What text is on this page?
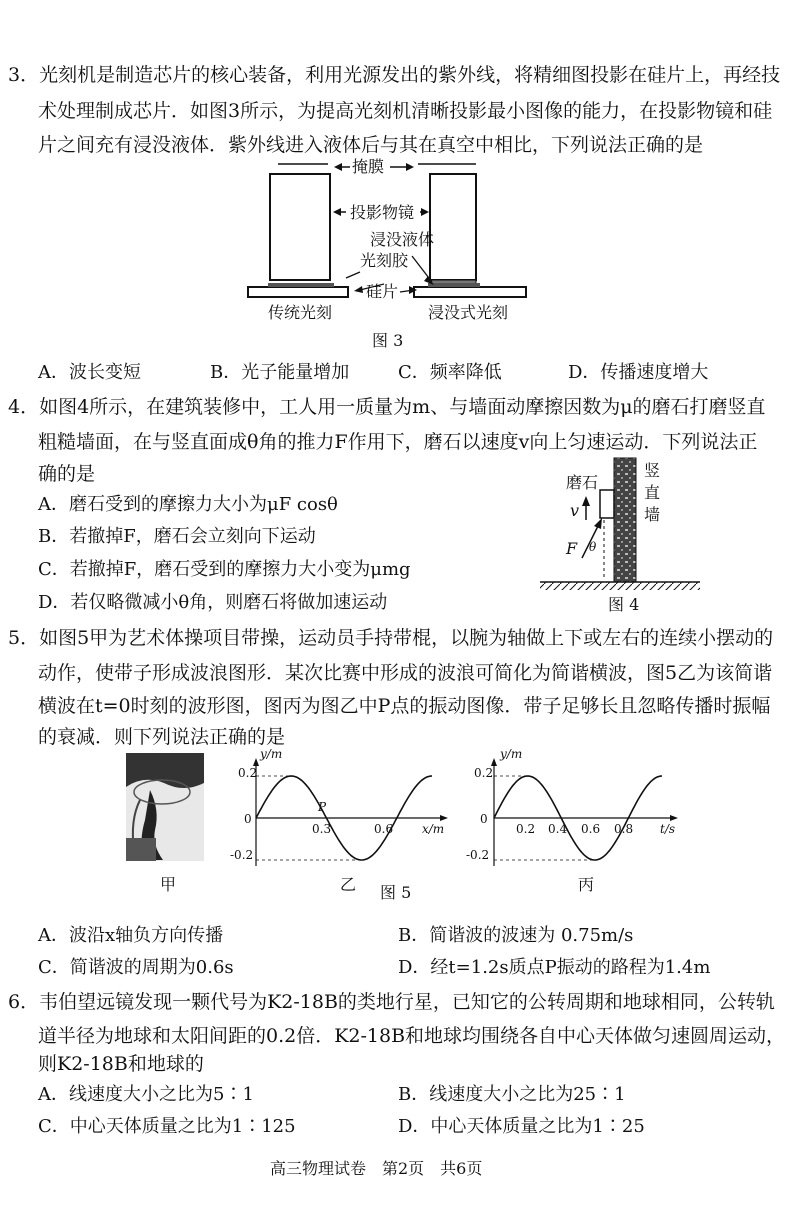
3．光刻机是制造芯片的核心装备，利用光源发出的紫外线，将精细图投影在硅片上，再经技
术处理制成芯片．如图3所示，为提高光刻机清晰投影最小图像的能力，在投影物镜和硅
片之间充有浸没液体．紫外线进入液体后与其在真空中相比，下列说法正确的是
掩膜
投影物镜
浸没液体
光刻胶
硅片
传统光刻	浸没式光刻
图 3
A．波长变短	B．光子能量增加	C．频率降低	D．传播速度增大
4．如图4所示，在建筑装修中，工人用一质量为m、与墙面动摩擦因数为μ的磨石打磨竖直
粗糙墙面，在与竖直面成θ角的推力F作用下，磨石以速度v向上匀速运动．下列说法正
确的是
A．磨石受到的摩擦力大小为μF cosθ
B．若撤掉F，磨石会立刻向下运动
C．若撤掉F，磨石受到的摩擦力大小变为μmg
D．若仅略微减小θ角，则磨石将做加速运动
磨石
竖
直
墙
v
F θ
图 4
5．如图5甲为艺术体操项目带操，运动员手持带棍，以腕为轴做上下或左右的连续小摆动的
动作，使带子形成波浪图形．某次比赛中形成的波浪可简化为简谐横波，图5乙为该简谐
横波在t=0时刻的波形图，图丙为图乙中P点的振动图像．带子足够长且忽略传播时振幅
的衰减．则下列说法正确的是
甲
0.2
0
-0.2
y/m
x/m
0.3	0.6
P
乙 图 5
0.2
0
-0.2
y/m
t/s
0.2 0.4 0.6 0.8
丙
A．波沿x轴负方向传播	B．简谐波的波速为 0.75m/s
C．简谐波的周期为0.6s	D．经t=1.2s质点P振动的路程为1.4m
6．韦伯望远镜发现一颗代号为K2-18B的类地行星，已知它的公转周期和地球相同，公转轨
道半径为地球和太阳间距的0.2倍．K2-18B和地球均围绕各自中心天体做匀速圆周运动，
则K2-18B和地球的
A．线速度大小之比为5∶1	B．线速度大小之比为25∶1
C．中心天体质量之比为1∶125	D．中心天体质量之比为1∶25
高三物理试卷　第2页　共6页
